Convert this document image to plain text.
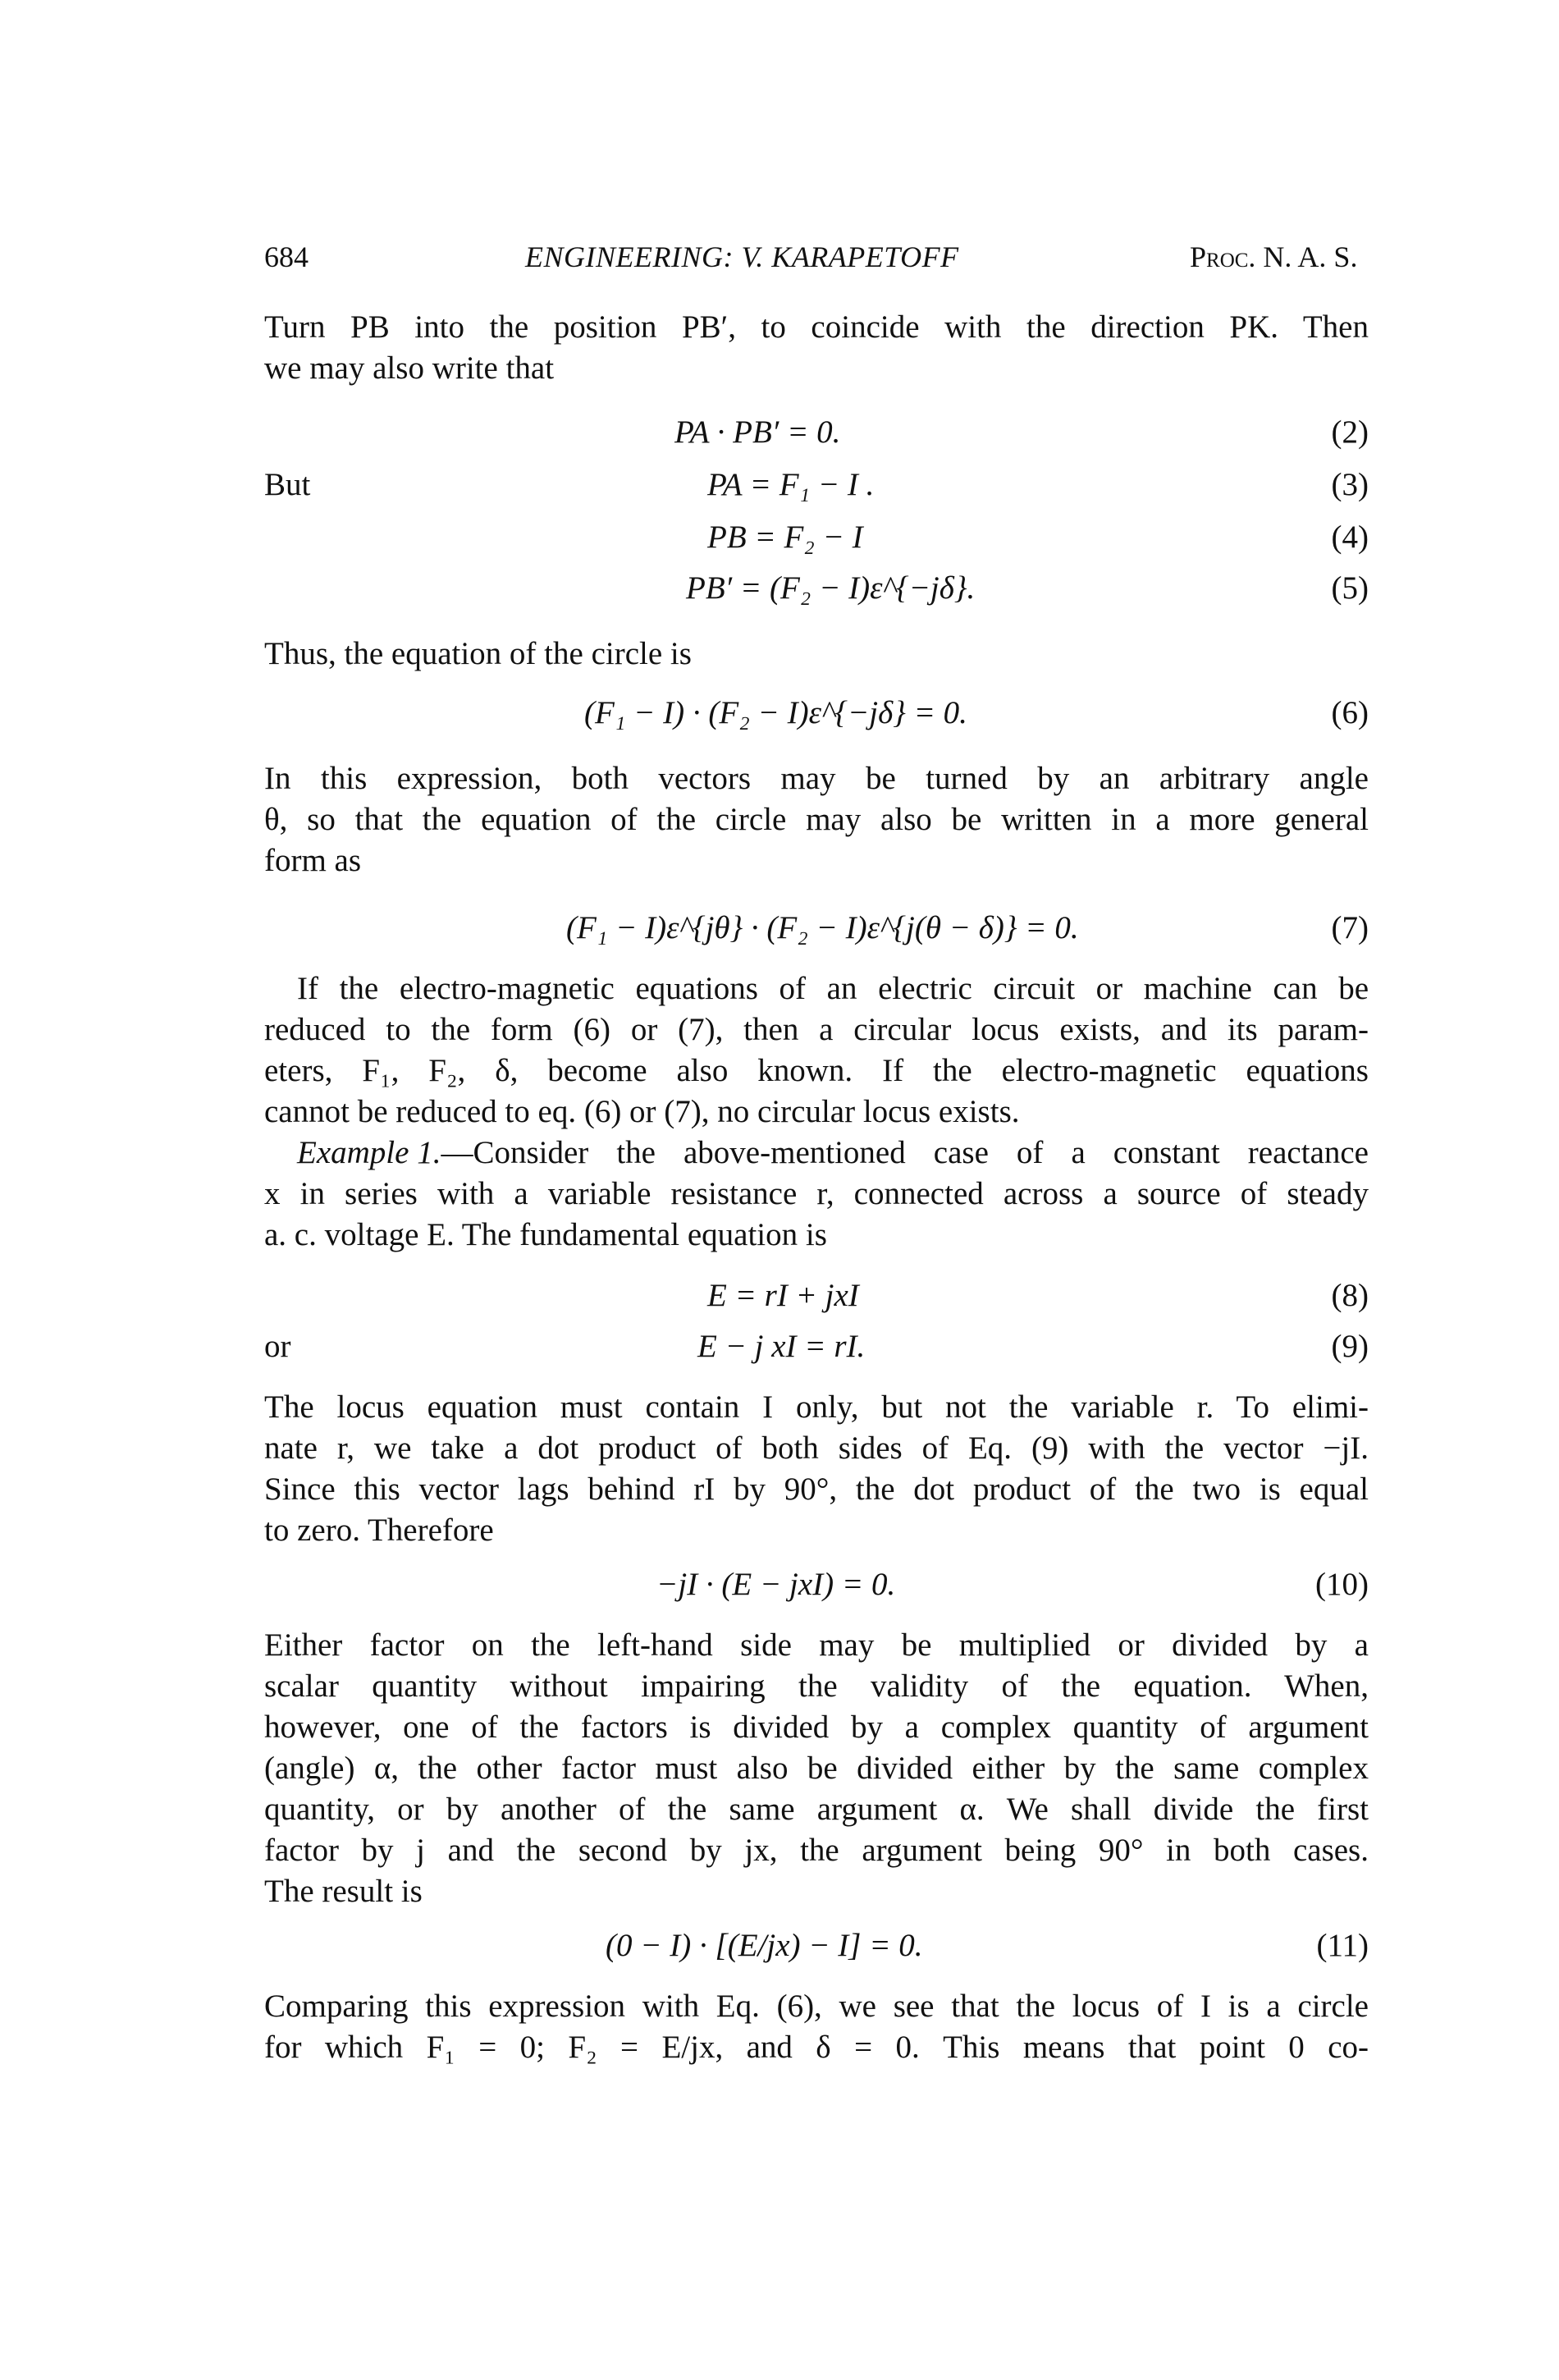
684	ENGINEERING: V. KARAPETOFF	Proc. N. A. S.
Turn PB into the position PB′, to coincide with the direction PK. Then
we may also write that
PA · PB′ = 0.	(2)
But	PA = F₁ − I .	(3)
PB = F₂ − I	(4)
PB′ = (F₂ − I)ε^{−jδ}.	(5)
Thus, the equation of the circle is
(F₁ − I) · (F₂ − I)ε^{−jδ} = 0.	(6)
In this expression, both vectors may be turned by an arbitrary angle
θ, so that the equation of the circle may also be written in a more general
form as
(F₁ − I)ε^{jθ} · (F₂ − I)ε^{j(θ − δ)} = 0.	(7)
If the electro-magnetic equations of an electric circuit or machine can be
reduced to the form (6) or (7), then a circular locus exists, and its param-
eters, F₁, F₂, δ, become also known. If the electro-magnetic equations
cannot be reduced to eq. (6) or (7), no circular locus exists.
Example 1. —Consider the above-mentioned case of a constant reactance
x in series with a variable resistance r, connected across a source of steady
a. c. voltage E. The fundamental equation is
E = rI + jxI	(8)
or	E − j xI = rI.	(9)
The locus equation must contain I only, but not the variable r. To elimi-
nate r, we take a dot product of both sides of Eq. (9) with the vector −jI.
Since this vector lags behind rI by 90°, the dot product of the two is equal
to zero. Therefore
−jI · (E − jxI) = 0.	(10)
Either factor on the left-hand side may be multiplied or divided by a
scalar quantity without impairing the validity of the equation. When,
however, one of the factors is divided by a complex quantity of argument
(angle) α, the other factor must also be divided either by the same complex
quantity, or by another of the same argument α. We shall divide the first
factor by j and the second by jx, the argument being 90° in both cases.
The result is
(0 − I) · [(E/jx) − I] = 0.	(11)
Comparing this expression with Eq. (6), we see that the locus of I is a circle
for which F₁ = 0; F₂ = E/jx, and δ = 0. This means that point 0 co-
